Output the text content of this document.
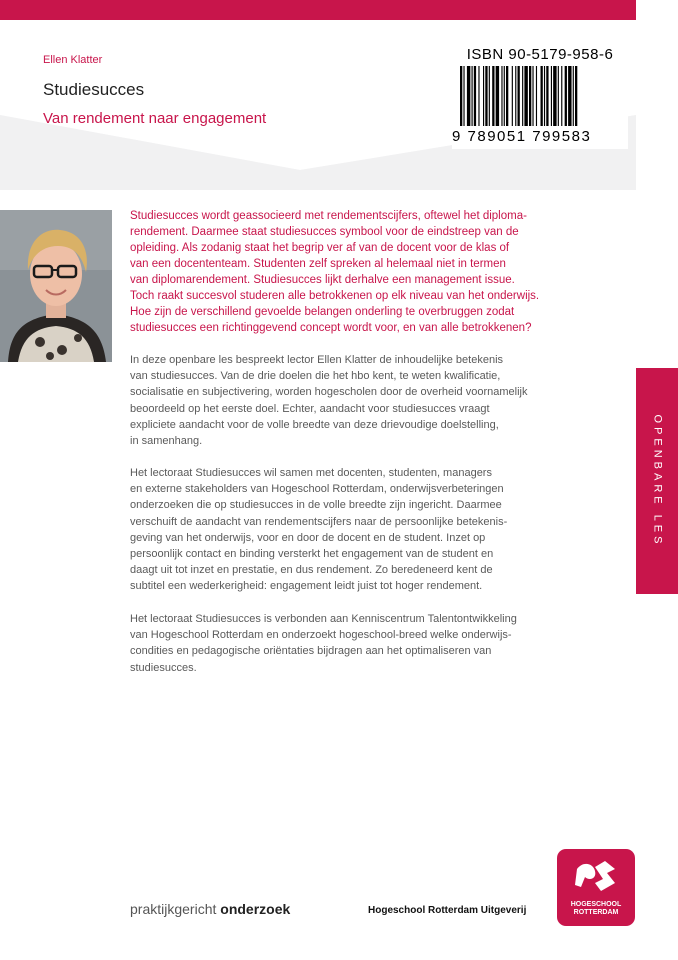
Ellen Klatter
Studiesucces
Van rendement naar engagement
ISBN 90-5179-958-6
9 789051 799583
Studiesucces wordt geassocieerd met rendementscijfers, oftewel het diploma-
rendement. Daarmee staat studiesucces symbool voor de eindstreep van de
opleiding. Als zodanig staat het begrip ver af van de docent voor de klas of
van een docententeam. Studenten zelf spreken al helemaal niet in termen
van diplomarendement. Studiesucces lijkt derhalve een management issue.
Toch raakt succesvol studeren alle betrokkenen op elk niveau van het onderwijs.
Hoe zijn de verschillend gevoelde belangen onderling te overbruggen zodat
studiesucces een richtinggevend concept wordt voor, en van alle betrokkenen?
In deze openbare les bespreekt lector Ellen Klatter de inhoudelijke betekenis
van studiesucces. Van de drie doelen die het hbo kent, te weten kwalificatie,
socialisatie en subjectivering, worden hogescholen door de overheid voornamelijk
beoordeeld op het eerste doel. Echter, aandacht voor studiesucces vraagt
expliciete aandacht voor de volle breedte van deze drievoudige doelstelling,
in samenhang.
Het lectoraat Studiesucces wil samen met docenten, studenten, managers
en externe stakeholders van Hogeschool Rotterdam, onderwijsverbeteringen
onderzoeken die op studiesucces in de volle breedte zijn ingericht. Daarmee
verschuift de aandacht van rendementscijfers naar de persoonlijke betekenis-
geving van het onderwijs, voor en door de docent en de student. Inzet op
persoonlijk contact en binding versterkt het engagement van de student en
daagt uit tot inzet en prestatie, en dus rendement. Zo beredeneerd kent de
subtitel een wederkerigheid: engagement leidt juist tot hoger rendement.
Het lectoraat Studiesucces is verbonden aan Kenniscentrum Talentontwikkeling
van Hogeschool Rotterdam en onderzoekt hogeschool-breed welke onderwijs-
condities en pedagogische oriëntaties bijdragen aan het optimaliseren van
studiesucces.
OPENBARE LES
praktijkgericht onderzoek	Hogeschool Rotterdam Uitgeverij
HOGESCHOOL
ROTTERDAM
